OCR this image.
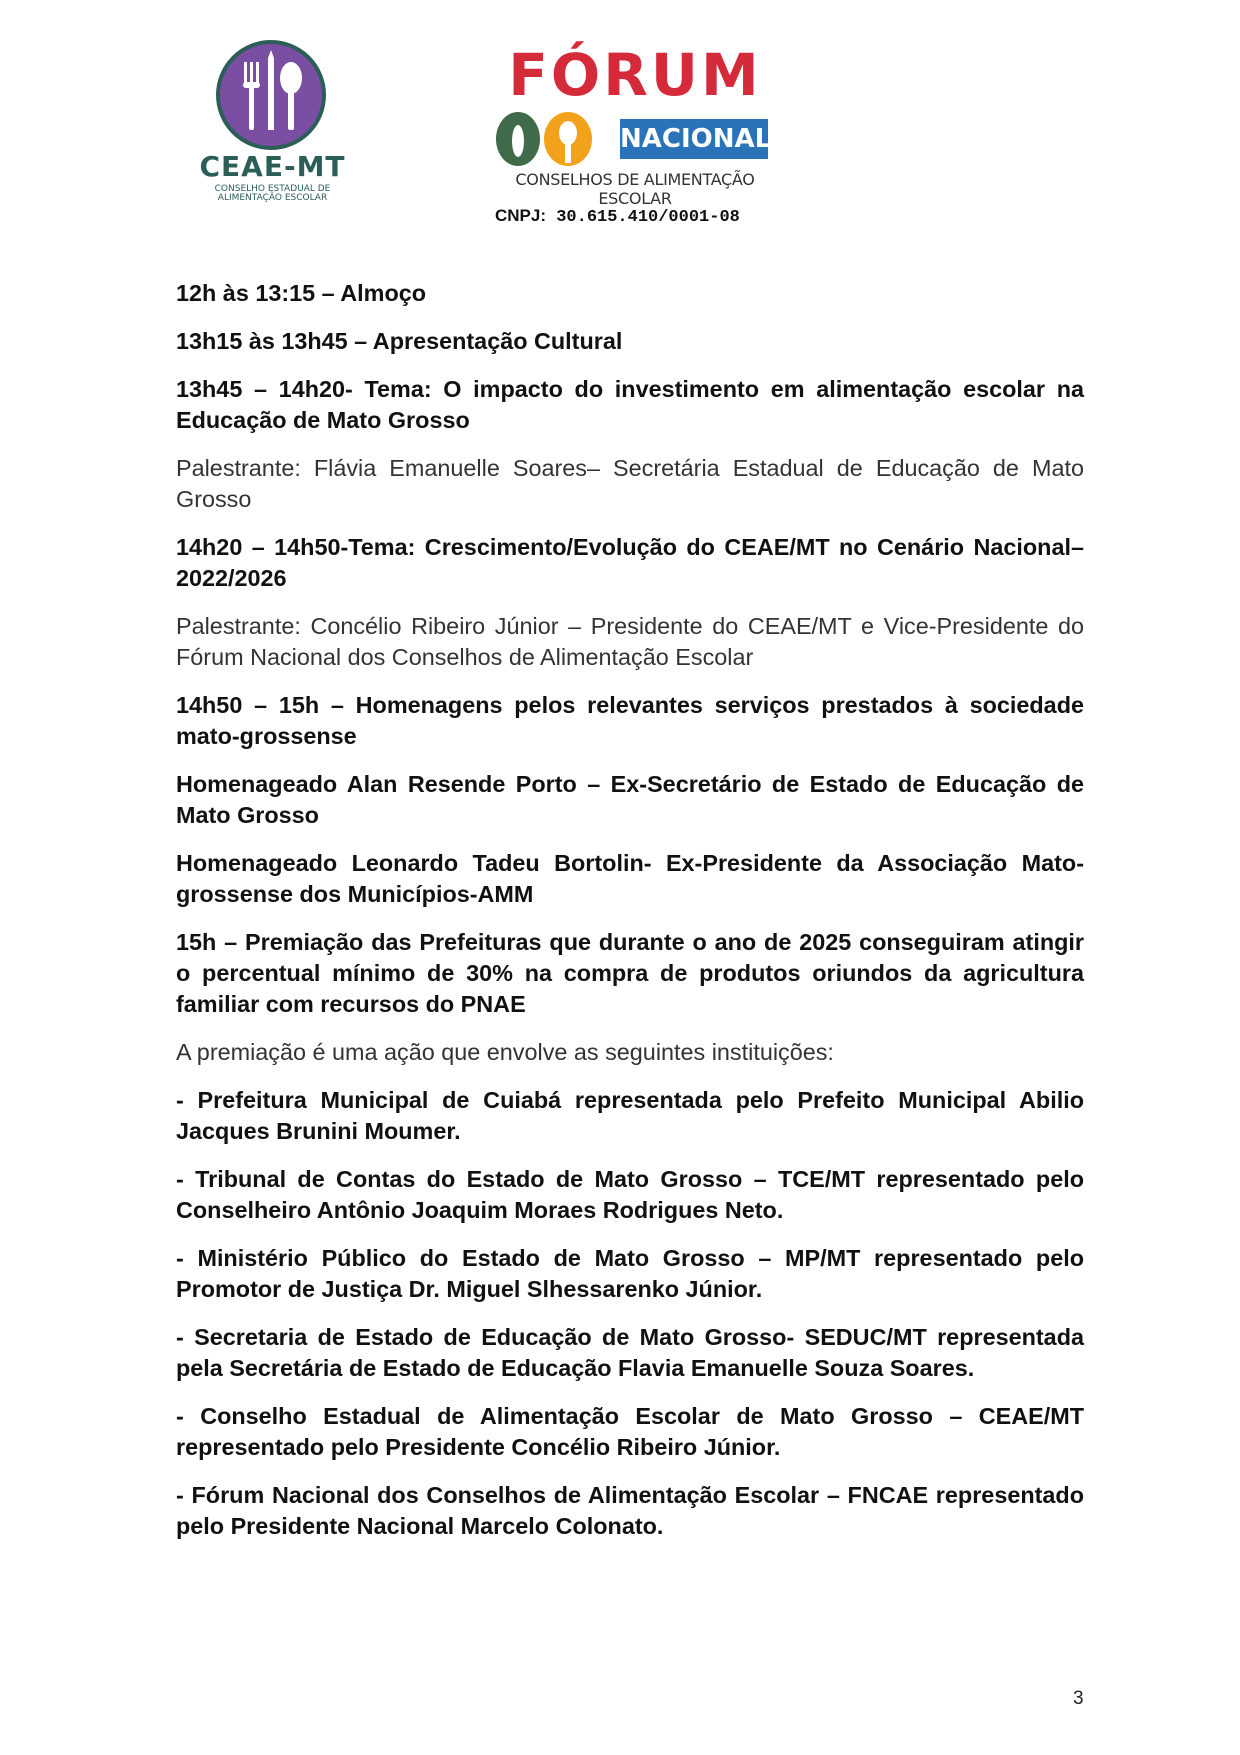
CEAE-MT
CONSELHO ESTADUAL DE
ALIMENTAÇÃO ESCOLAR
FÓRUM
NACIONAL
CONSELHOS DE ALIMENTAÇÃO ESCOLAR
CNPJ: 30.615.410/0001-08

12h às 13:15 – Almoço

13h15 às 13h45 – Apresentação Cultural

13h45 – 14h20- Tema: O impacto do investimento em alimentação escolar na Educação de Mato Grosso

Palestrante: Flávia Emanuelle Soares– Secretária Estadual de Educação de Mato Grosso

14h20 – 14h50-Tema: Crescimento/Evolução do CEAE/MT no Cenário Nacional– 2022/2026

Palestrante: Concélio Ribeiro Júnior – Presidente do CEAE/MT e Vice-Presidente do Fórum Nacional dos Conselhos de Alimentação Escolar

14h50 – 15h – Homenagens pelos relevantes serviços prestados à sociedade mato-grossense

Homenageado Alan Resende Porto – Ex-Secretário de Estado de Educação de Mato Grosso

Homenageado Leonardo Tadeu Bortolin- Ex-Presidente da Associação Mato-grossense dos Municípios-AMM

15h – Premiação das Prefeituras que durante o ano de 2025 conseguiram atingir o percentual mínimo de 30% na compra de produtos oriundos da agricultura familiar com recursos do PNAE

A premiação é uma ação que envolve as seguintes instituições:

- Prefeitura Municipal de Cuiabá representada pelo Prefeito Municipal Abilio Jacques Brunini Moumer.

- Tribunal de Contas do Estado de Mato Grosso – TCE/MT representado pelo Conselheiro Antônio Joaquim Moraes Rodrigues Neto.

- Ministério Público do Estado de Mato Grosso – MP/MT representado pelo Promotor de Justiça Dr. Miguel Slhessarenko Júnior.

- Secretaria de Estado de Educação de Mato Grosso- SEDUC/MT representada pela Secretária de Estado de Educação Flavia Emanuelle Souza Soares.

- Conselho Estadual de Alimentação Escolar de Mato Grosso – CEAE/MT representado pelo Presidente Concélio Ribeiro Júnior.

- Fórum Nacional dos Conselhos de Alimentação Escolar – FNCAE representado pelo Presidente Nacional Marcelo Colonato.

3
